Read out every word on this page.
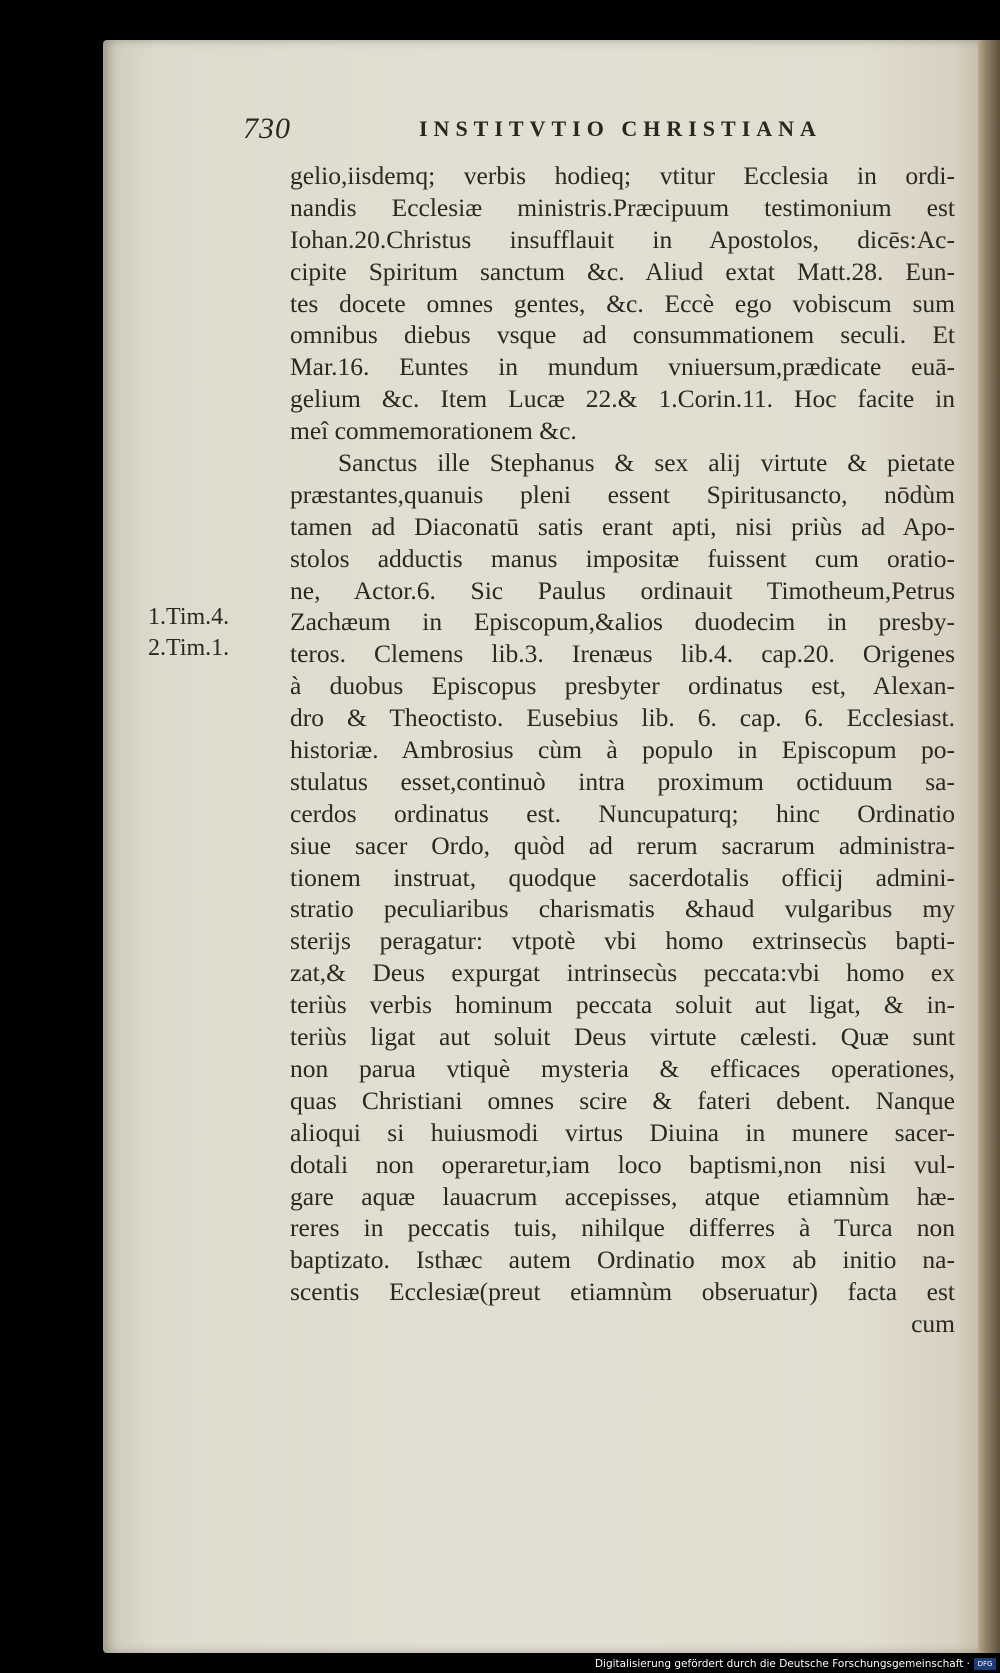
730	INSTITVTIO CHRISTIANA
1.Tim.4.
2.Tim.1.
gelio,iisdemq; verbis hodieq; vtitur Ecclesia in ordi-
nandis Ecclesiæ ministris.Præcipuum testimonium est
Iohan.20.Christus insufflauit in Apostolos, dicēs:Ac-
cipite Spiritum sanctum &c. Aliud extat Matt.28. Eun-
tes docete omnes gentes, &c. Eccè ego vobiscum sum
omnibus diebus vsque ad consummationem seculi. Et
Mar.16. Euntes in mundum vniuersum,prædicate euā-
gelium &c. Item Lucæ 22.& 1.Corin.11. Hoc facite in
meî commemorationem &c.
Sanctus ille Stephanus & sex alij virtute & pietate
præstantes,quanuis pleni essent Spiritusancto, nōdùm
tamen ad Diaconatū satis erant apti, nisi priùs ad Apo-
stolos adductis manus impositæ fuissent cum oratio-
ne, Actor.6. Sic Paulus ordinauit Timotheum,Petrus
Zachæum in Episcopum,&alios duodecim in presby-
teros. Clemens lib.3. Irenæus lib.4. cap.20. Origenes
à duobus Episcopus presbyter ordinatus est, Alexan-
dro & Theoctisto. Eusebius lib. 6. cap. 6. Ecclesiast.
historiæ. Ambrosius cùm à populo in Episcopum po-
stulatus esset,continuò intra proximum octiduum sa-
cerdos ordinatus est. Nuncupaturq; hinc Ordinatio
siue sacer Ordo, quòd ad rerum sacrarum administra-
tionem instruat, quodque sacerdotalis officij admini-
stratio peculiaribus charismatis &haud vulgaribus my
sterijs peragatur: vtpotè vbi homo extrinsecùs bapti-
zat,& Deus expurgat intrinsecùs peccata:vbi homo ex
teriùs verbis hominum peccata soluit aut ligat, & in-
teriùs ligat aut soluit Deus virtute cælesti. Quæ sunt
non parua vtiquè mysteria & efficaces operationes,
quas Christiani omnes scire & fateri debent. Nanque
alioqui si huiusmodi virtus Diuina in munere sacer-
dotali non operaretur,iam loco baptismi,non nisi vul-
gare aquæ lauacrum accepisses, atque etiamnùm hæ-
reres in peccatis tuis, nihilque differres à Turca non
baptizato. Isthæc autem Ordinatio mox ab initio na-
scentis Ecclesiæ(preut etiamnùm obseruatur) facta est
cum
Digitalisierung gefördert durch die Deutsche Forschungsgemeinschaft ·	DFG
